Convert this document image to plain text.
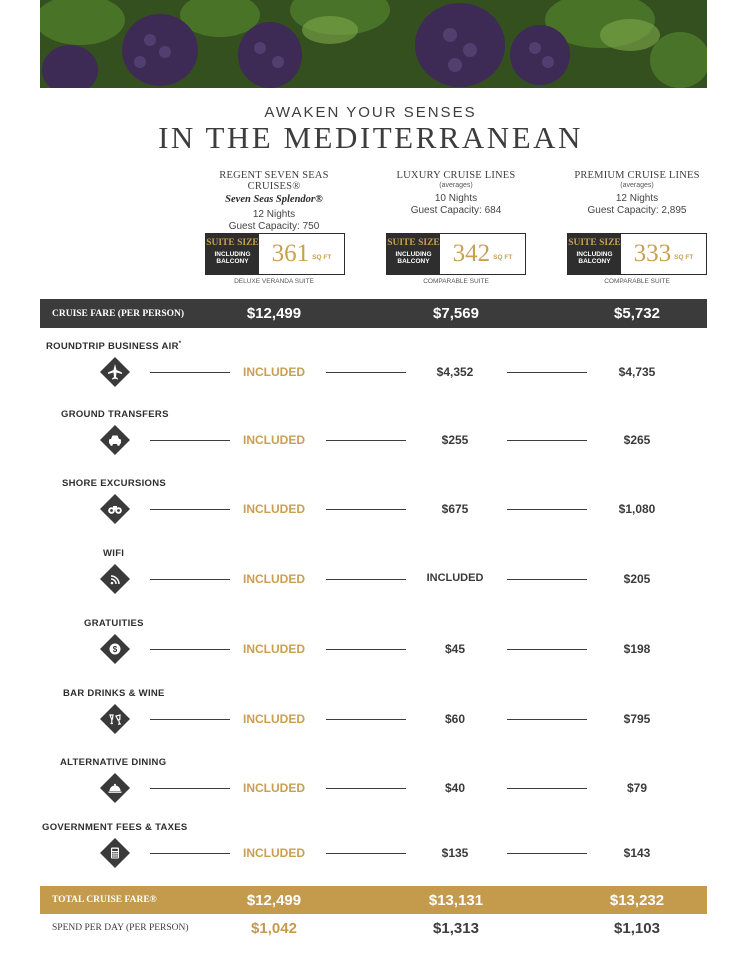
AWAKEN YOUR SENSES
IN THE MEDITERRANEAN
REGENT SEVEN SEAS CRUISES®
Seven Seas Splendor®
12 Nights
Guest Capacity: 750
LUXURY CRUISE LINES
(averages)
10 Nights
Guest Capacity: 684
PREMIUM CRUISE LINES
(averages)
12 Nights
Guest Capacity: 2,895
SUITE SIZE
INCLUDING
BALCONY 361 SQ FT
SUITE SIZE
INCLUDING
BALCONY 342 SQ FT
SUITE SIZE
INCLUDING
BALCONY 333 SQ FT
DELUXE VERANDA SUITE	COMPARABLE SUITE	COMPARABLE SUITE
CRUISE FARE (PER PERSON)	$12,499	$7,569	$5,732
ROUNDTRIP BUSINESS AIR*
INCLUDED	$4,352	$4,735
GROUND TRANSFERS
INCLUDED	$255	$265
SHORE EXCURSIONS
INCLUDED	$675	$1,080
WIFI
INCLUDED	INCLUDED	$205
GRATUITIES
$	INCLUDED	$45	$198
BAR DRINKS & WINE
INCLUDED	$60	$795
ALTERNATIVE DINING
INCLUDED	$40	$79
GOVERNMENT FEES & TAXES
INCLUDED	$135	$143
TOTAL CRUISE FARE®	$12,499	$13,131	$13,232
SPEND PER DAY (PER PERSON)	$1,042	$1,313	$1,103
